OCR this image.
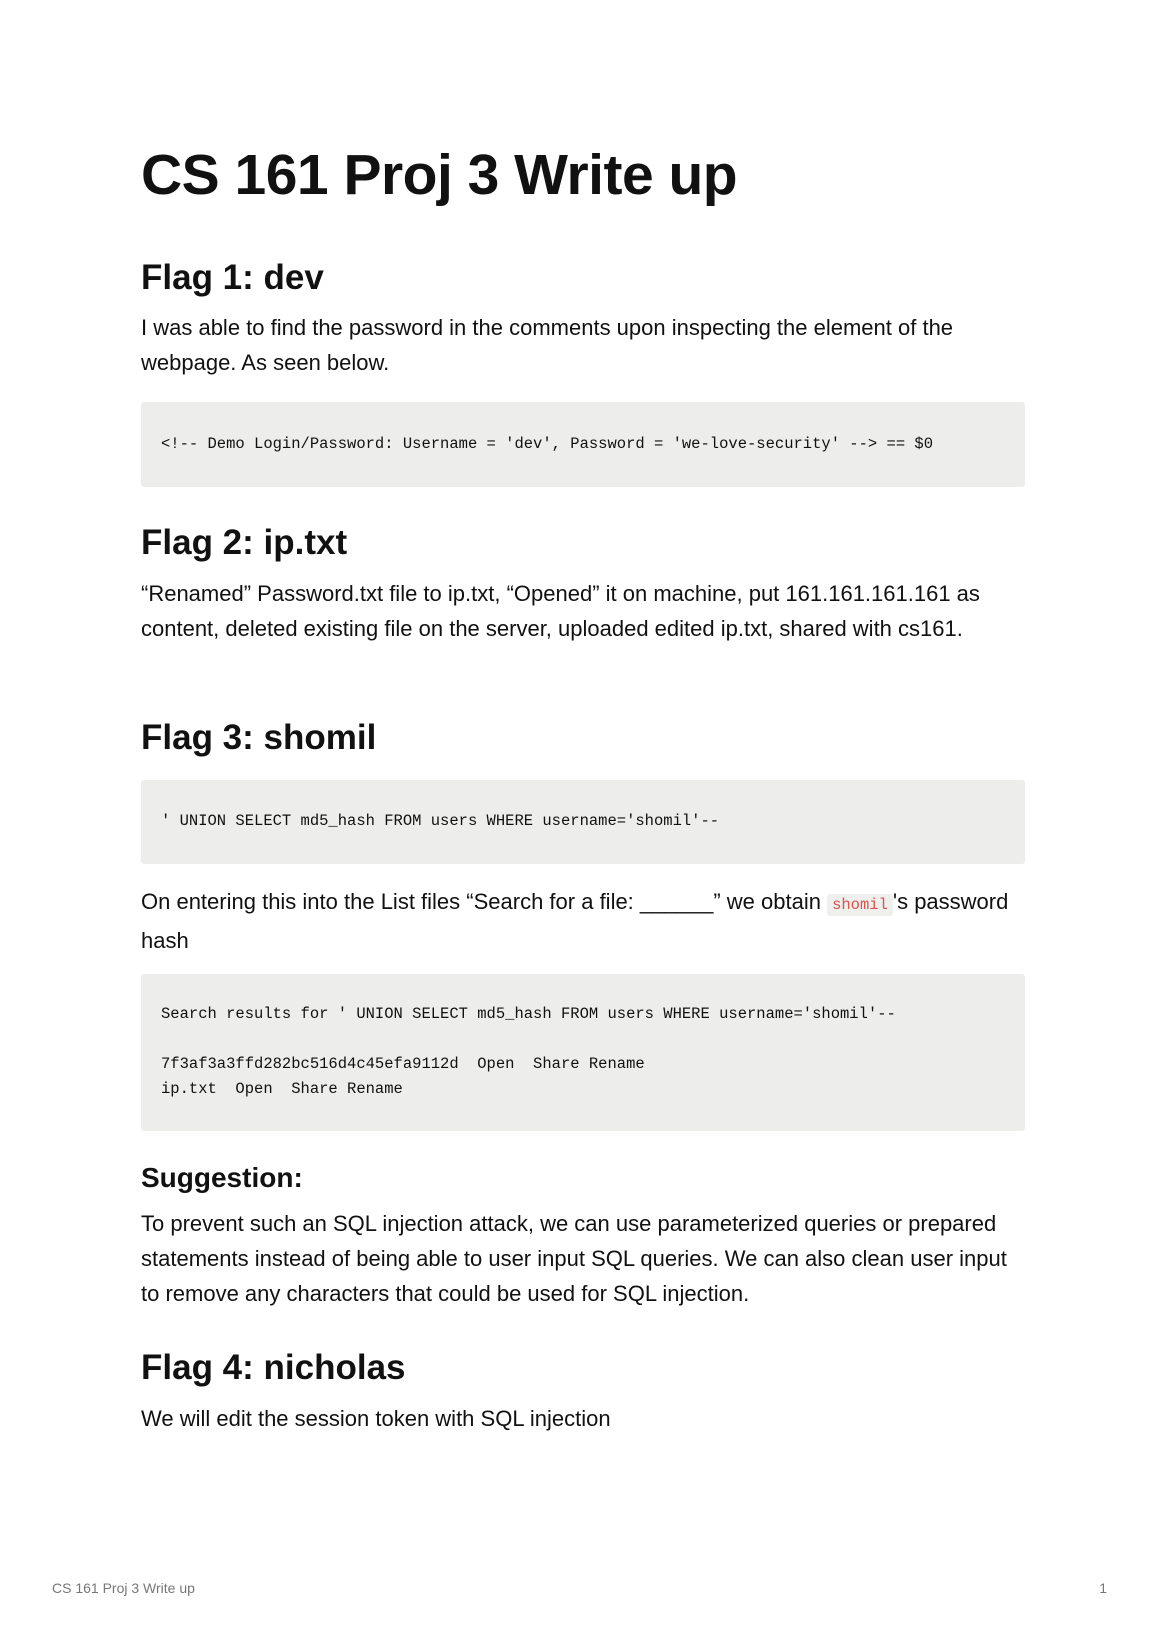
CS 161 Proj 3 Write up
Flag 1: dev

I was able to find the password in the comments upon inspecting the element of the webpage. As seen below.

<!-- Demo Login/Password: Username = 'dev', Password = 'we-love-security' --> == $0
Flag 2: ip.txt

“Renamed” Password.txt file to ip.txt, “Opened” it on machine, put 161.161.161.161 as content, deleted existing file on the server, uploaded edited ip.txt, shared with cs161.

Flag 3: shomil
' UNION SELECT md5_hash FROM users WHERE username='shomil'--

On entering this into the List files “Search for a file: ______” we obtain shomil 's password hash

Search results for ' UNION SELECT md5_hash FROM users WHERE username='shomil'--
7f3af3a3ffd282bc516d4c45efa9112d  Open  Share Rename
ip.txt  Open  Share Rename
Suggestion:

To prevent such an SQL injection attack, we can use parameterized queries or prepared statements instead of being able to user input SQL queries. We can also clean user input to remove any characters that could be used for SQL injection.

Flag 4: nicholas

We will edit the session token with SQL injection

CS 161 Proj 3 Write up	1
